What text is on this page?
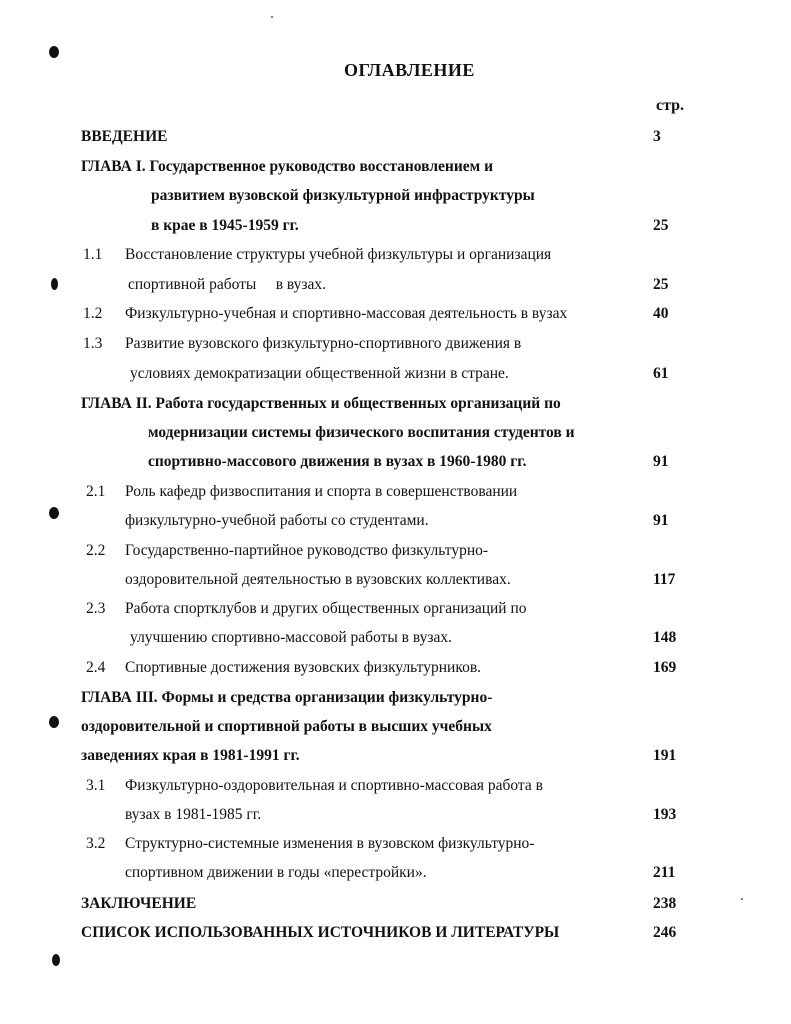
ОГЛАВЛЕНИЕ
стр.
ВВЕДЕНИЕ	3
ГЛАВА I. Государственное руководство восстановлением и
развитием вузовской физкультурной инфраструктуры
в крае в 1945-1959 гг.	25
1.1 Восстановление структуры учебной физкультуры и организация
спортивной работы     в вузах.	25
1.2 Физкультурно-учебная и спортивно-массовая деятельность в вузах	40
1.3 Развитие вузовского физкультурно-спортивного движения в
условиях демократизации общественной жизни в стране.	61
ГЛАВА II. Работа государственных и общественных организаций по
модернизации системы физического воспитания студентов и
спортивно-массового движения в вузах в 1960-1980 гг.	91
2.1 Роль кафедр физвоспитания и спорта в совершенствовании
физкультурно-учебной работы со студентами.	91
2.2 Государственно-партийное руководство физкультурно-
оздоровительной деятельностью в вузовских коллективах.	117
2.3 Работа спортклубов и других общественных организаций по
улучшению спортивно-массовой работы в вузах.	148
2.4 Спортивные достижения вузовских физкультурников.	169
ГЛАВА III. Формы и средства организации физкультурно-
оздоровительной и спортивной работы в высших учебных
заведениях края в 1981-1991 гг.	191
3.1 Физкультурно-оздоровительная и спортивно-массовая работа в
вузах в 1981-1985 гг.	193
3.2 Структурно-системные изменения в вузовском физкультурно-
спортивном движении в годы «перестройки».	211
ЗАКЛЮЧЕНИЕ	238
СПИСОК ИСПОЛЬЗОВАННЫХ ИСТОЧНИКОВ И ЛИТЕРАТУРЫ	246
